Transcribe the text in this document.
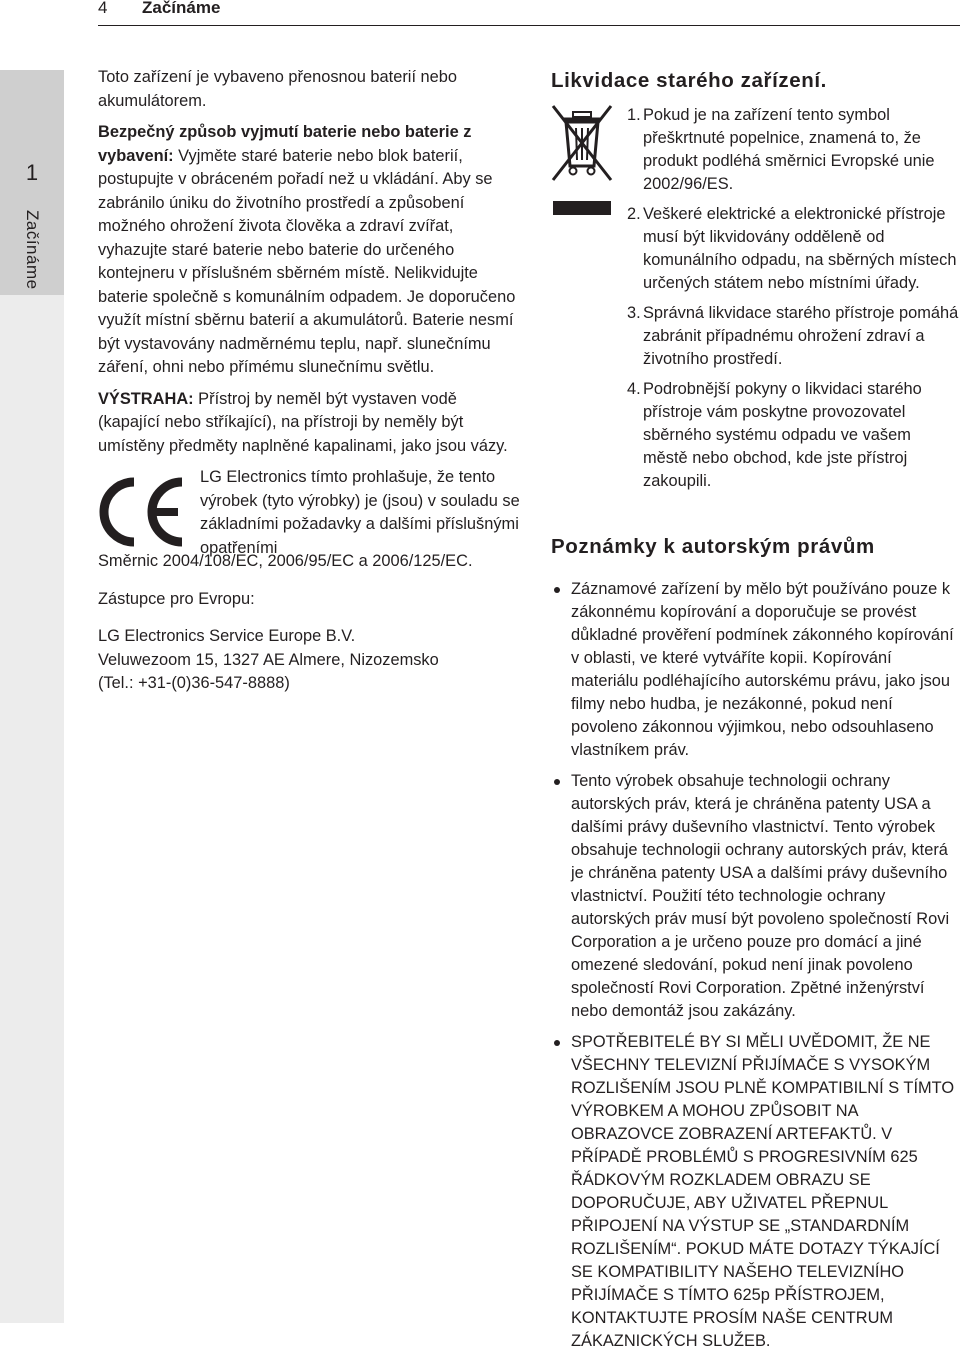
4 Začínáme
1
Začínáme

Toto zařízení je vybaveno přenosnou baterií nebo akumulátorem.

Bezpečný způsob vyjmutí baterie nebo baterie z vybavení: Vyjměte staré baterie nebo blok baterií, postupujte v obráceném pořadí než u vkládání. Aby se zabránilo úniku do životního prostředí a způsobení možného ohrožení života člověka a zdraví zvířat, vyhazujte staré baterie nebo baterie do určeného kontejneru v příslušném sběrném místě. Nelikvidujte baterie společně s komunálním odpadem. Je doporučeno využít místní sběrnu baterií a akumulátorů. Baterie nesmí být vystavovány nadměrnému teplu, např. slunečnímu záření, ohni nebo přímému slunečnímu světlu.

VÝSTRAHA: Přístroj by neměl být vystaven vodě (kapající nebo stříkající), na přístroji by neměly být umístěny předměty naplněné kapalinami, jako jsou vázy.

LG Electronics tímto prohlašuje, že tento výrobek (tyto výrobky) je (jsou) v souladu se základními požadavky a dalšími příslušnými opatřeními

Směrnic 2004/108/EC, 2006/95/EC a 2006/125/EC.

Zástupce pro Evropu:

LG Electronics Service Europe B.V.

Veluwezoom 15, 1327 AE Almere, Nizozemsko

(Tel.: +31-(0)36-547-8888)

Likvidace starého zařízení.
1. Pokud je na zařízení tento symbol přeškrtnuté popelnice, znamená to, že produkt podléhá směrnici Evropské unie 2002/96/ES.
2. Veškeré elektrické a elektronické přístroje musí být likvidovány odděleně od komunálního odpadu, na sběrných místech určených státem nebo místními úřady.
3. Správná likvidace starého přístroje pomáhá zabránit případnému ohrožení zdraví a životního prostředí.
4. Podrobnější pokyny o likvidaci starého přístroje vám poskytne provozovatel sběrného systému odpadu ve vašem městě nebo obchod, kde jste přístroj zakoupili.
Poznámky k autorským právům
Záznamové zařízení by mělo být používáno pouze k zákonnému kopírování a doporučuje se provést důkladné prověření podmínek zákonného kopírování v oblasti, ve které vytváříte kopii. Kopírování materiálu podléhajícího autorskému právu, jako jsou filmy nebo hudba, je nezákonné, pokud není povoleno zákonnou výjimkou, nebo odsouhlaseno vlastníkem práv.
Tento výrobek obsahuje technologii ochrany autorských práv, která je chráněna patenty USA a dalšími právy duševního vlastnictví. Tento výrobek obsahuje technologii ochrany autorských práv, která je chráněna patenty USA a dalšími právy duševního vlastnictví. Použití této technologie ochrany autorských práv musí být povoleno společností Rovi Corporation a je určeno pouze pro domácí a jiné omezené sledování, pokud není jinak povoleno společností Rovi Corporation. Zpětné inženýrství nebo demontáž jsou zakázány.
SPOTŘEBITELÉ BY SI MĚLI UVĚDOMIT, ŽE NE VŠECHNY TELEVIZNÍ PŘIJÍMAČE S VYSOKÝM ROZLIŠENÍM JSOU PLNĚ KOMPATIBILNÍ S TÍMTO VÝROBKEM A MOHOU ZPŮSOBIT NA OBRAZOVCE ZOBRAZENÍ ARTEFAKTŮ. V PŘÍPADĚ PROBLÉMŮ S PROGRESIVNÍM 625 ŘÁDKOVÝM ROZKLADEM OBRAZU SE DOPORUČUJE, ABY UŽIVATEL PŘEPNUL PŘIPOJENÍ NA VÝSTUP SE „STANDARDNÍM ROZLIŠENÍM“. POKUD MÁTE DOTAZY TÝKAJÍCÍ SE KOMPATIBILITY NAŠEHO TELEVIZNÍHO PŘIJÍMAČE S TÍMTO 625p PŘÍSTROJEM, KONTAKTUJTE PROSÍM NAŠE CENTRUM ZÁKAZNICKÝCH SLUŽEB.
